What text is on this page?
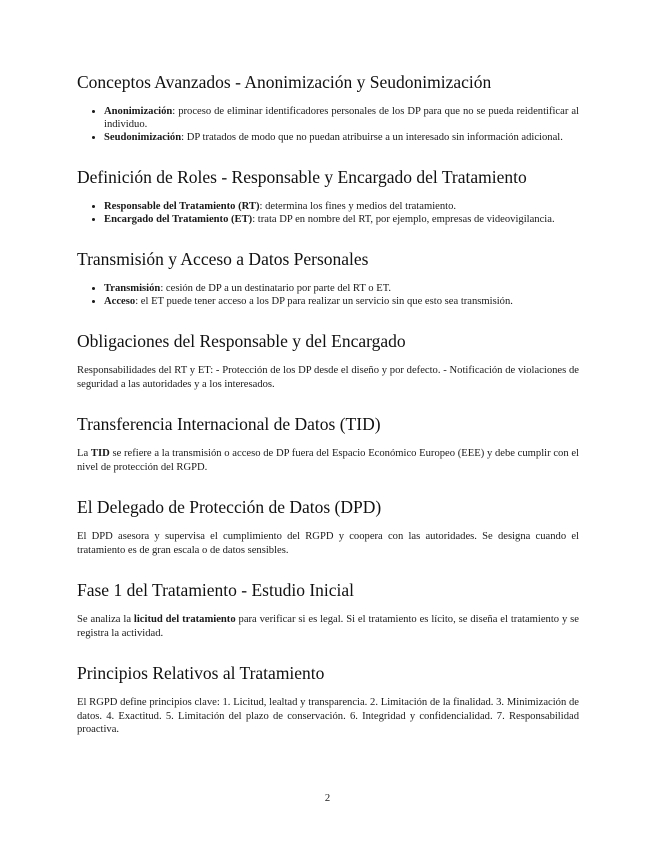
Conceptos Avanzados - Anonimización y Seudonimización
• Anonimización: proceso de eliminar identificadores personales de los DP para que no se pueda reidentificar al individuo.
• Seudonimización: DP tratados de modo que no puedan atribuirse a un interesado sin información adicional.
Definición de Roles - Responsable y Encargado del Tratamiento
• Responsable del Tratamiento (RT): determina los fines y medios del tratamiento.
• Encargado del Tratamiento (ET): trata DP en nombre del RT, por ejemplo, empresas de videovigilancia.
Transmisión y Acceso a Datos Personales
• Transmisión: cesión de DP a un destinatario por parte del RT o ET.
• Acceso: el ET puede tener acceso a los DP para realizar un servicio sin que esto sea transmisión.
Obligaciones del Responsable y del Encargado

Responsabilidades del RT y ET: - Protección de los DP desde el diseño y por defecto. - Notificación de violaciones de seguridad a las autoridades y a los interesados.

Transferencia Internacional de Datos (TID)

La TID se refiere a la transmisión o acceso de DP fuera del Espacio Económico Europeo (EEE) y debe cumplir con el nivel de protección del RGPD.

El Delegado de Protección de Datos (DPD)

El DPD asesora y supervisa el cumplimiento del RGPD y coopera con las autoridades. Se designa cuando el tratamiento es de gran escala o de datos sensibles.

Fase 1 del Tratamiento - Estudio Inicial

Se analiza la licitud del tratamiento para verificar si es legal. Si el tratamiento es lícito, se diseña el tratamiento y se registra la actividad.

Principios Relativos al Tratamiento

El RGPD define principios clave: 1. Licitud, lealtad y transparencia. 2. Limitación de la finalidad. 3. Minimización de datos. 4. Exactitud. 5. Limitación del plazo de conservación. 6. Integridad y confidencialidad. 7. Responsabilidad proactiva.

2
